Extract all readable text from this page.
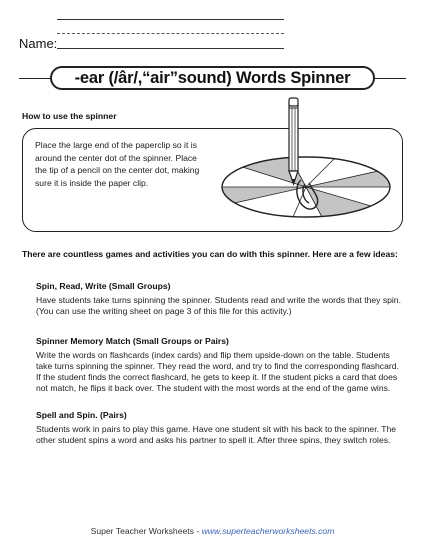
Name:
-ear (/âr/,“air”sound) Words Spinner
How to use the spinner
Place the large end of the paperclip so it is around the center dot of the spinner. Place the tip of a pencil on the center dot, making sure it is inside the paper clip.
There are countless games and activities you can do with this spinner. Here are a few ideas:
Spin, Read, Write (Small Groups)
Have students take turns spinning the spinner. Students read and write the words that they spin. (You can use the writing sheet on page 3 of this file for this activity.)
Spinner Memory Match (Small Groups or Pairs)
Write the words on flashcards (index cards) and flip them upside-down on the table. Students take turns spinning the spinner. They read the word, and try to find the corresponding flashcard. If the student finds the correct flashcard, he gets to keep it. If the student picks a card that does not match, he flips it back over. The student with the most words at the end of the game wins.
Spell and Spin. (Pairs)
Students work in pairs to play this game. Have one student sit with his back to the spinner. The other student spins a word and asks his partner to spell it. After three spins, they switch roles.
Super Teacher Worksheets - www.superteacherworksheets.com
